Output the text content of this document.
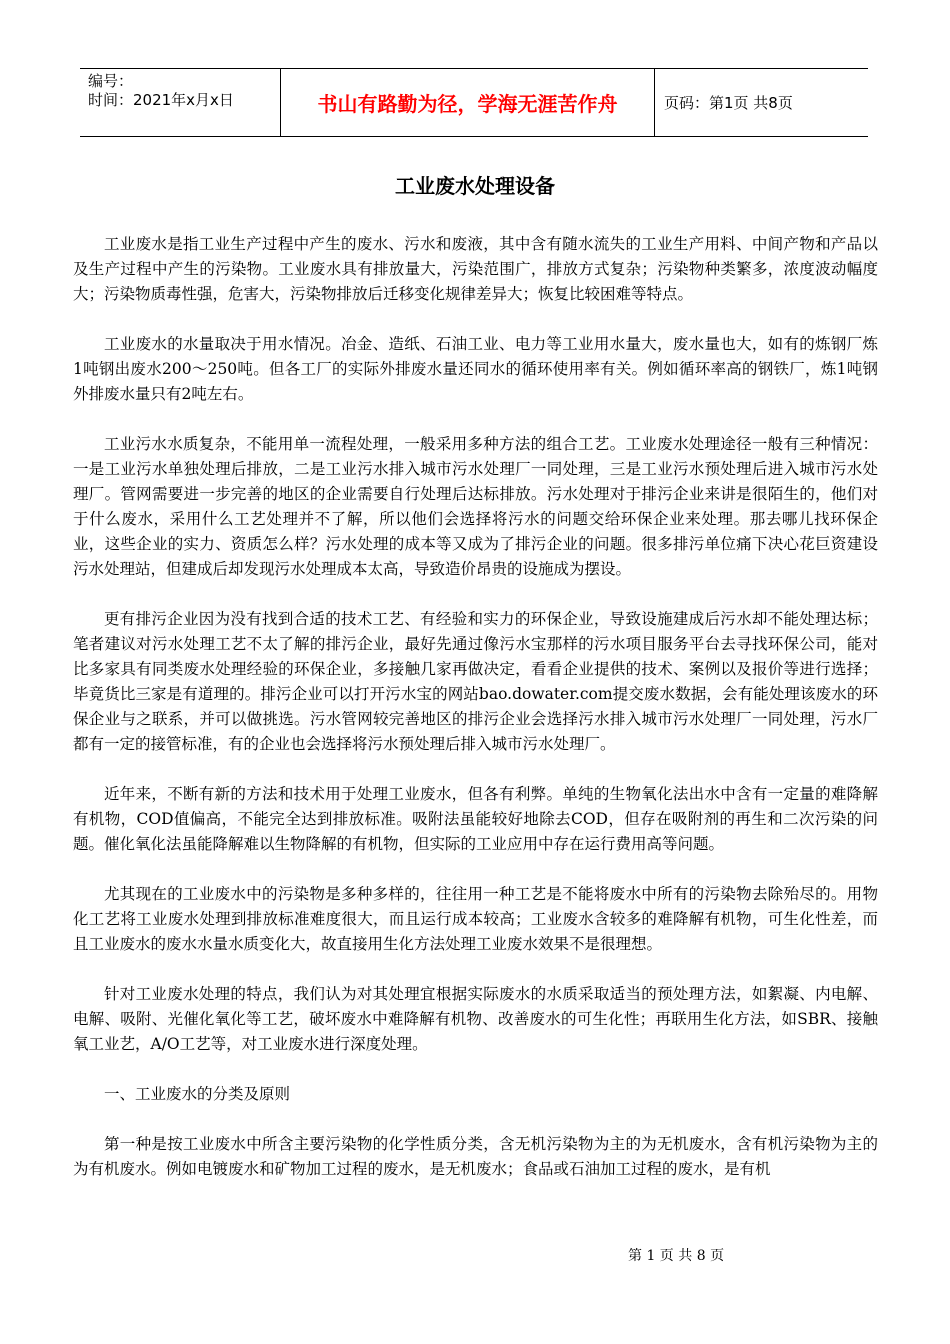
编号：
时间：2021年x月x日	书山有路勤为径，学海无涯苦作舟	页码：第1页 共8页
工业废水处理设备

工业废水是指工业生产过程中产生的废水、污水和废液，其中含有随水流失的工业生产用料、中间产物和产品以及生产过程中产生的污染物。工业废水具有排放量大，污染范围广，排放方式复杂；污染物种类繁多，浓度波动幅度大；污染物质毒性强，危害大，污染物排放后迁移变化规律差异大；恢复比较困难等特点。

工业废水的水量取决于用水情况。冶金、造纸、石油工业、电力等工业用水量大，废水量也大，如有的炼钢厂炼 1吨钢出废水200～250吨。但各工厂的实际外排废水量还同水的循环使用率有关。例如循环率高的钢铁厂，炼1吨钢外排废水量只有2吨左右。

工业污水水质复杂，不能用单一流程处理，一般采用多种方法的组合工艺。工业废水处理途径一般有三种情况：一是工业污水单独处理后排放，二是工业污水排入城市污水处理厂一同处理，三是工业污水预处理后进入城市污水处理厂。管网需要进一步完善的地区的企业需要自行处理后达标排放。污水处理对于排污企业来讲是很陌生的，他们对于什么废水，采用什么工艺处理并不了解，所以他们会选择将污水的问题交给环保企业来处理。那去哪儿找环保企业，这些企业的实力、资质怎么样？污水处理的成本等又成为了排污企业的问题。很多排污单位痛下决心花巨资建设污水处理站，但建成后却发现污水处理成本太高，导致造价昂贵的设施成为摆设。

更有排污企业因为没有找到合适的技术工艺、有经验和实力的环保企业，导致设施建成后污水却不能处理达标；笔者建议对污水处理工艺不太了解的排污企业，最好先通过像污水宝那样的污水项目服务平台去寻找环保公司，能对比多家具有同类废水处理经验的环保企业，多接触几家再做决定，看看企业提供的技术、案例以及报价等进行选择；毕竟货比三家是有道理的。排污企业可以打开污水宝的网站bao.dowater.com提交废水数据，会有能处理该废水的环保企业与之联系，并可以做挑选。污水管网较完善地区的排污企业会选择污水排入城市污水处理厂一同处理，污水厂都有一定的接管标准，有的企业也会选择将污水预处理后排入城市污水处理厂。

近年来，不断有新的方法和技术用于处理工业废水，但各有利弊。单纯的生物氧化法出水中含有一定量的难降解有机物，COD值偏高，不能完全达到排放标准。吸附法虽能较好地除去COD，但存在吸附剂的再生和二次污染的问题。催化氧化法虽能降解难以生物降解的有机物，但实际的工业应用中存在运行费用高等问题。

尤其现在的工业废水中的污染物是多种多样的，往往用一种工艺是不能将废水中所有的污染物去除殆尽的。用物化工艺将工业废水处理到排放标准难度很大，而且运行成本较高；工业废水含较多的难降解有机物，可生化性差，而且工业废水的废水水量水质变化大，故直接用生化方法处理工业废水效果不是很理想。

针对工业废水处理的特点，我们认为对其处理宜根据实际废水的水质采取适当的预处理方法，如絮凝、内电解、电解、吸附、光催化氧化等工艺，破坏废水中难降解有机物、改善废水的可生化性；再联用生化方法，如SBR、接触氧工业艺，A/O工艺等，对工业废水进行深度处理。

一、工业废水的分类及原则

第一种是按工业废水中所含主要污染物的化学性质分类，含无机污染物为主的为无机废水，含有机污染物为主的为有机废水。例如电镀废水和矿物加工过程的废水，是无机废水；食品或石油加工过程的废水，是有机

第 1 页 共 8 页
